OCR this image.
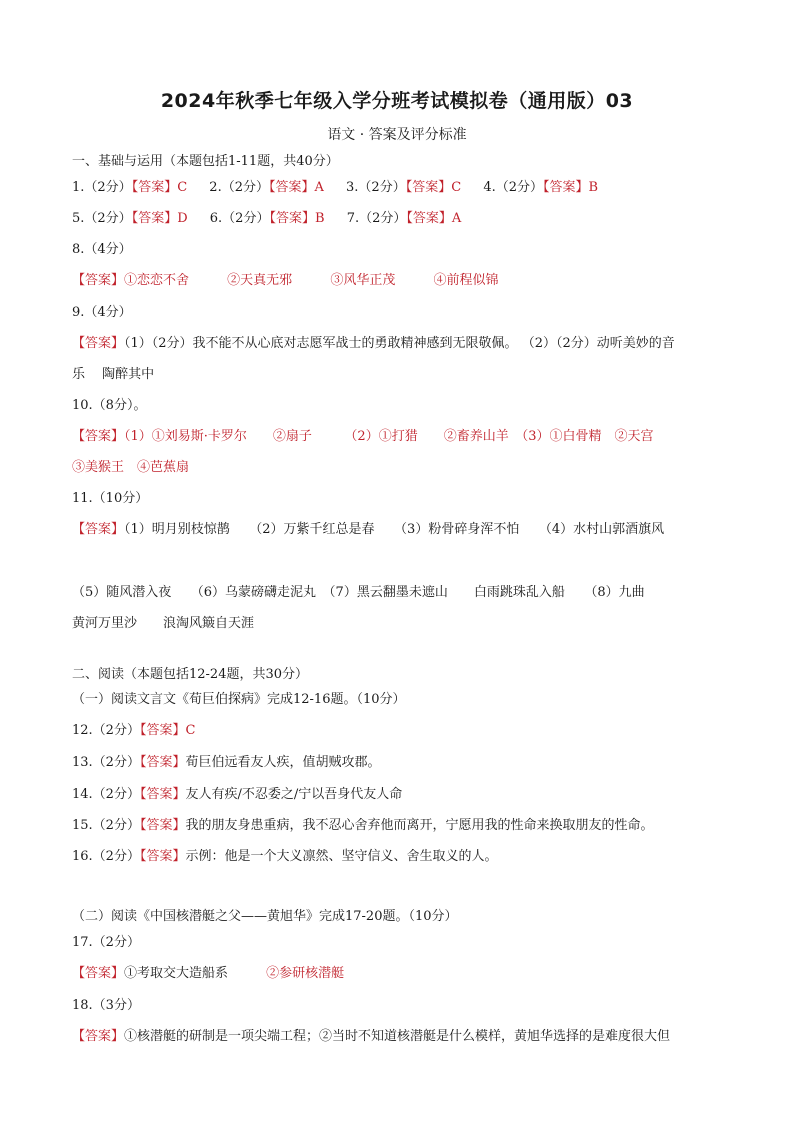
2024年秋季七年级入学分班考试模拟卷（通用版）03
语文 · 答案及评分标准
一、基础与运用（本题包括1-11题，共40分）
1.（2分）【答案】C 2.（2分）【答案】A 3.（2分）【答案】C 4.（2分）【答案】B
5.（2分）【答案】D 6.（2分）【答案】B 7.（2分）【答案】A
8.（4分）
【答案】①恋恋不舍	②天真无邪	③风华正茂	④前程似锦
9.（4分）
【答案】（1）（2分）我不能不从心底对志愿军战士的勇敢精神感到无限敬佩。 （2）（2分）动听美妙的音
乐　 陶醉其中
10.（8分）。
【答案】（1）①刘易斯·卡罗尔　　②扇子　　　（2）①打猎　　②畜养山羊　（3）①白骨精　②天宫
③美猴王　④芭蕉扇
11.（10分）
【答案】（1）明月别枝惊鹊　　（2）万紫千红总是春　　（3）粉骨碎身浑不怕　　（4）水村山郭酒旗风
（5）随风潜入夜　　（6）乌蒙磅礴走泥丸　（7）黑云翻墨未遮山　　白雨跳珠乱入船　　（8）九曲
黄河万里沙　　浪淘风簸自天涯
二、阅读（本题包括12-24题，共30分）
（一）阅读文言文《荀巨伯探病》完成12-16题。（10分）
12.（2分）【答案】C
13.（2分）【答案】荀巨伯远看友人疾，值胡贼攻郡。
14.（2分）【答案】友人有疾/不忍委之/宁以吾身代友人命
15.（2分）【答案】我的朋友身患重病，我不忍心舍弃他而离开，宁愿用我的性命来换取朋友的性命。
16.（2分）【答案】示例：他是一个大义凛然、坚守信义、舍生取义的人。
（二）阅读《中国核潜艇之父——黄旭华》完成17-20题。（10分）
17.（2分）
【答案】①考取交大造船系	②参研核潜艇
18.（3分）
【答案】①核潜艇的研制是一项尖端工程；②当时不知道核潜艇是什么模样，黄旭华选择的是难度很大但
